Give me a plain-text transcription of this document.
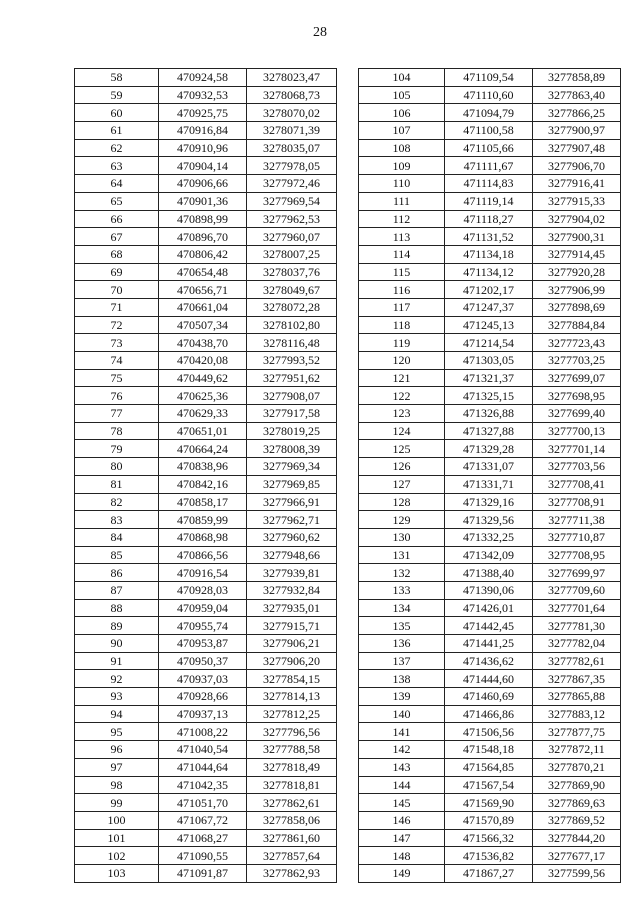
28
58	470924,58	3278023,47
59	470932,53	3278068,73
60	470925,75	3278070,02
61	470916,84	3278071,39
62	470910,96	3278035,07
63	470904,14	3277978,05
64	470906,66	3277972,46
65	470901,36	3277969,54
66	470898,99	3277962,53
67	470896,70	3277960,07
68	470806,42	3278007,25
69	470654,48	3278037,76
70	470656,71	3278049,67
71	470661,04	3278072,28
72	470507,34	3278102,80
73	470438,70	3278116,48
74	470420,08	3277993,52
75	470449,62	3277951,62
76	470625,36	3277908,07
77	470629,33	3277917,58
78	470651,01	3278019,25
79	470664,24	3278008,39
80	470838,96	3277969,34
81	470842,16	3277969,85
82	470858,17	3277966,91
83	470859,99	3277962,71
84	470868,98	3277960,62
85	470866,56	3277948,66
86	470916,54	3277939,81
87	470928,03	3277932,84
88	470959,04	3277935,01
89	470955,74	3277915,71
90	470953,87	3277906,21
91	470950,37	3277906,20
92	470937,03	3277854,15
93	470928,66	3277814,13
94	470937,13	3277812,25
95	471008,22	3277796,56
96	471040,54	3277788,58
97	471044,64	3277818,49
98	471042,35	3277818,81
99	471051,70	3277862,61
100	471067,72	3277858,06
101	471068,27	3277861,60
102	471090,55	3277857,64
103	471091,87	3277862,93
104	471109,54	3277858,89
105	471110,60	3277863,40
106	471094,79	3277866,25
107	471100,58	3277900,97
108	471105,66	3277907,48
109	471111,67	3277906,70
110	471114,83	3277916,41
111	471119,14	3277915,33
112	471118,27	3277904,02
113	471131,52	3277900,31
114	471134,18	3277914,45
115	471134,12	3277920,28
116	471202,17	3277906,99
117	471247,37	3277898,69
118	471245,13	3277884,84
119	471214,54	3277723,43
120	471303,05	3277703,25
121	471321,37	3277699,07
122	471325,15	3277698,95
123	471326,88	3277699,40
124	471327,88	3277700,13
125	471329,28	3277701,14
126	471331,07	3277703,56
127	471331,71	3277708,41
128	471329,16	3277708,91
129	471329,56	3277711,38
130	471332,25	3277710,87
131	471342,09	3277708,95
132	471388,40	3277699,97
133	471390,06	3277709,60
134	471426,01	3277701,64
135	471442,45	3277781,30
136	471441,25	3277782,04
137	471436,62	3277782,61
138	471444,60	3277867,35
139	471460,69	3277865,88
140	471466,86	3277883,12
141	471506,56	3277877,75
142	471548,18	3277872,11
143	471564,85	3277870,21
144	471567,54	3277869,90
145	471569,90	3277869,63
146	471570,89	3277869,52
147	471566,32	3277844,20
148	471536,82	3277677,17
149	471867,27	3277599,56
